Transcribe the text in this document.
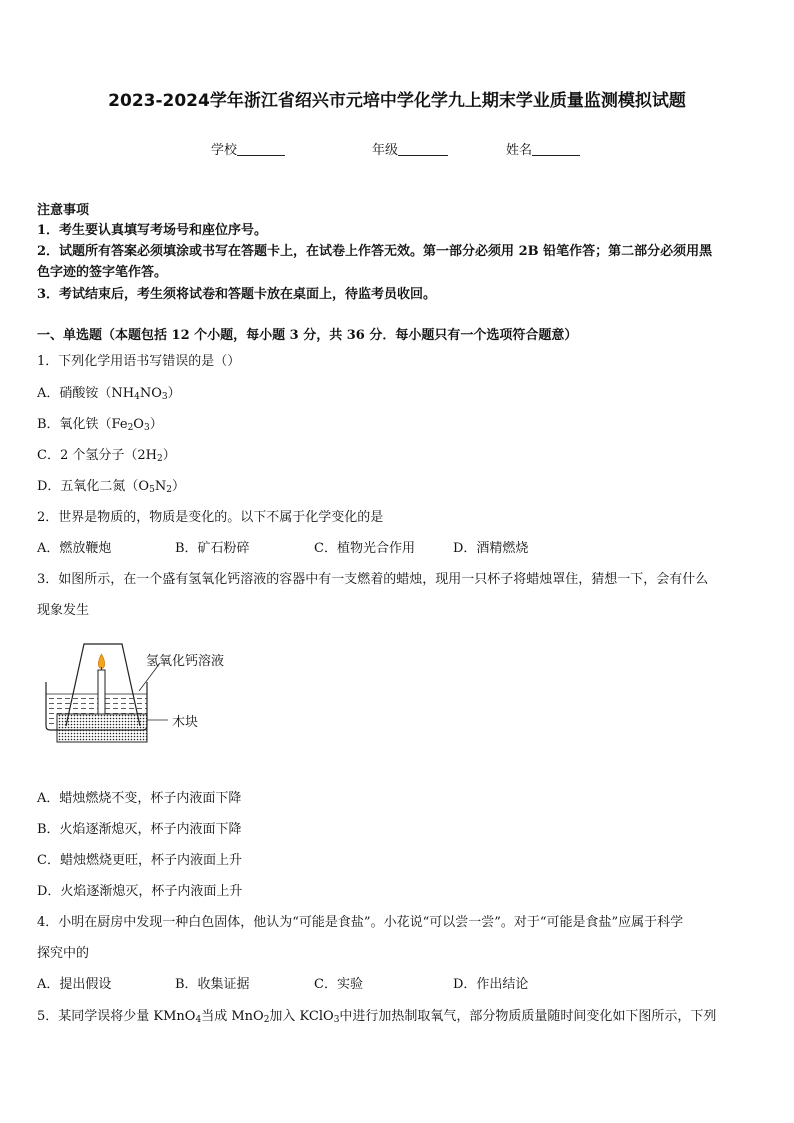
2023-2024学年浙江省绍兴市元培中学化学九上期末学业质量监测模拟试题
学校	年级	姓名
注意事项
1．考生要认真填写考场号和座位序号。
2．试题所有答案必须填涂或书写在答题卡上，在试卷上作答无效。第一部分必须用 2B 铅笔作答；第二部分必须用黑
色字迹的签字笔作答。
3．考试结束后，考生须将试卷和答题卡放在桌面上，待监考员收回。
一、单选题（本题包括 12 个小题，每小题 3 分，共 36 分．每小题只有一个选项符合题意）
1．下列化学用语书写错误的是（）
A．硝酸铵$(NH_4NO_3)$
B．氧化铁$(Fe_2O_3)$
C．2 个氢分子$(2H_2)$
D．五氧化二氮$(O_5N_2)$
2．世界是物质的，物质是变化的。以下不属于化学变化的是
A．燃放鞭炮	B．矿石粉碎	C．植物光合作用	D．酒精燃烧
3．如图所示，在一个盛有氢氧化钙溶液的容器中有一支燃着的蜡烛，现用一只杯子将蜡烛罩住，猜想一下，会有什么
现象发生
氢氧化钙溶液
木块
A．蜡烛燃烧不变，杯子内液面下降
B．火焰逐渐熄灭，杯子内液面下降
C．蜡烛燃烧更旺，杯子内液面上升
D．火焰逐渐熄灭，杯子内液面上升
4．小明在厨房中发现一种白色固体，他认为“可能是食盐”。小花说“可以尝一尝”。对于“可能是食盐”应属于科学
探究中的
A．提出假设	B．收集证据	C．实验	D．作出结论
5．某同学误将少量 KMnO$_4$当成 MnO$_2$加入 KClO$_3$中进行加热制取氧气，部分物质质量随时间变化如下图所示，下列
